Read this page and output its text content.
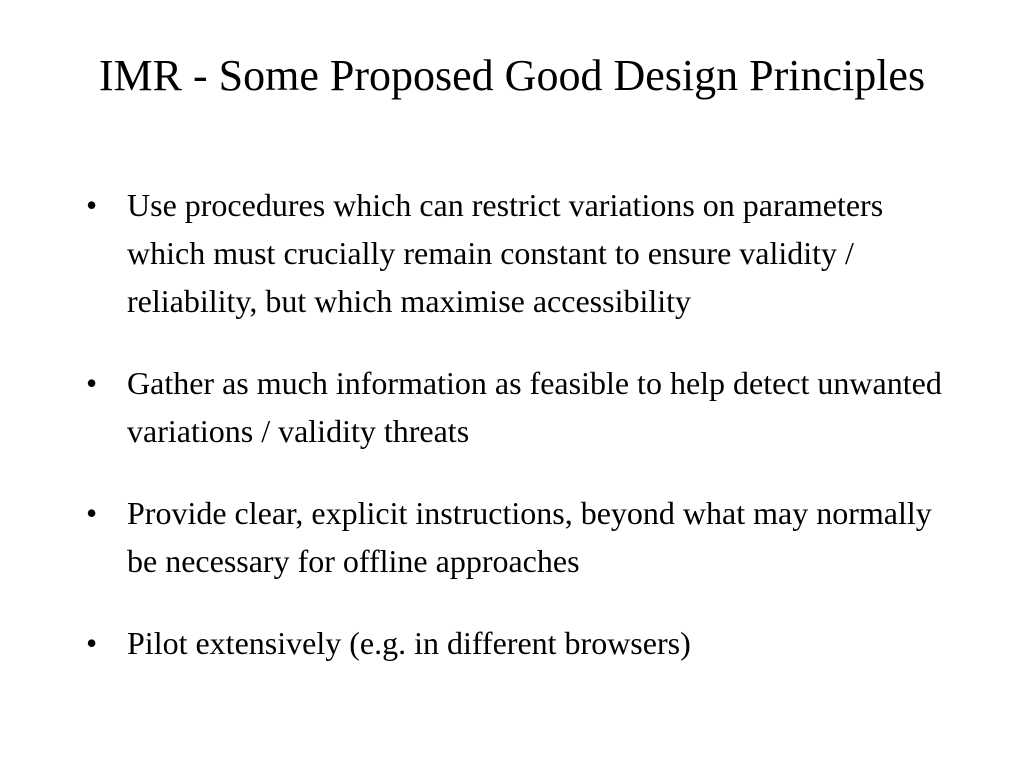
IMR - Some Proposed Good Design Principles
• Use procedures which can restrict variations on parameters which must crucially remain constant to ensure validity / reliability, but which maximise accessibility
• Gather as much information as feasible to help detect unwanted variations / validity threats
• Provide clear, explicit instructions, beyond what may normally be necessary for offline approaches
• Pilot extensively (e.g. in different browsers)
